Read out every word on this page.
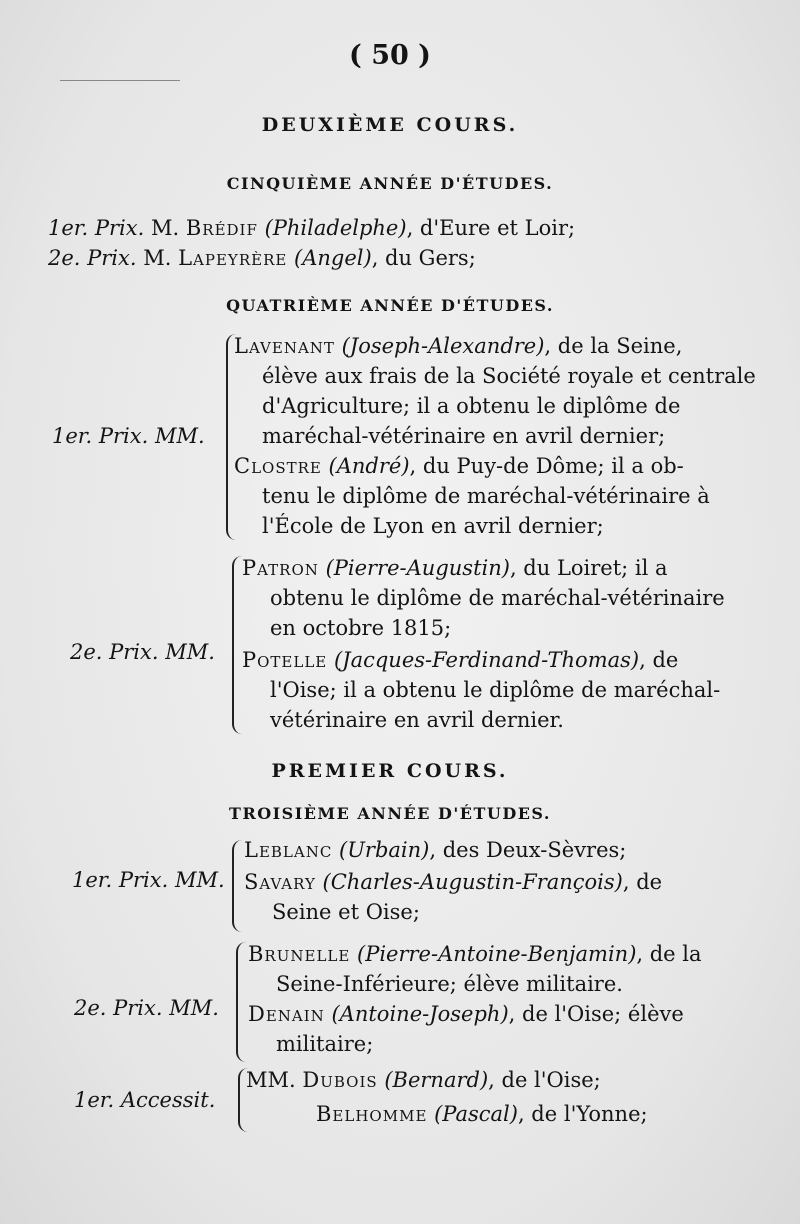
( 50 )
DEUXIÈME COURS.
CINQUIÈME ANNÉE D'ÉTUDES.
1er. Prix. M. Brédif (Philadelphe), d'Eure et Loir;
2e. Prix. M. Lapeyrère (Angel), du Gers;
QUATRIÈME ANNÉE D'ÉTUDES.
1er. Prix. MM.
Lavenant (Joseph-Alexandre), de la Seine,
élève aux frais de la Société royale et centrale
d'Agriculture; il a obtenu le diplôme de
maréchal-vétérinaire en avril dernier;
Clostre (André), du Puy-de Dôme; il a ob-
tenu le diplôme de maréchal-vétérinaire à
l'École de Lyon en avril dernier;
2e. Prix. MM.
Patron (Pierre-Augustin), du Loiret; il a
obtenu le diplôme de maréchal-vétérinaire
en octobre 1815;
Potelle (Jacques-Ferdinand-Thomas), de
l'Oise; il a obtenu le diplôme de maréchal-
vétérinaire en avril dernier.
PREMIER COURS.
TROISIÈME ANNÉE D'ÉTUDES.
1er. Prix. MM.
Leblanc (Urbain), des Deux-Sèvres;
Savary (Charles-Augustin-François), de
Seine et Oise;
2e. Prix. MM.
Brunelle (Pierre-Antoine-Benjamin), de la
Seine-Inférieure; élève militaire.
Denain (Antoine-Joseph), de l'Oise; élève
militaire;
1er. Accessit.
MM. Dubois (Bernard), de l'Oise;
Belhomme (Pascal), de l'Yonne;
